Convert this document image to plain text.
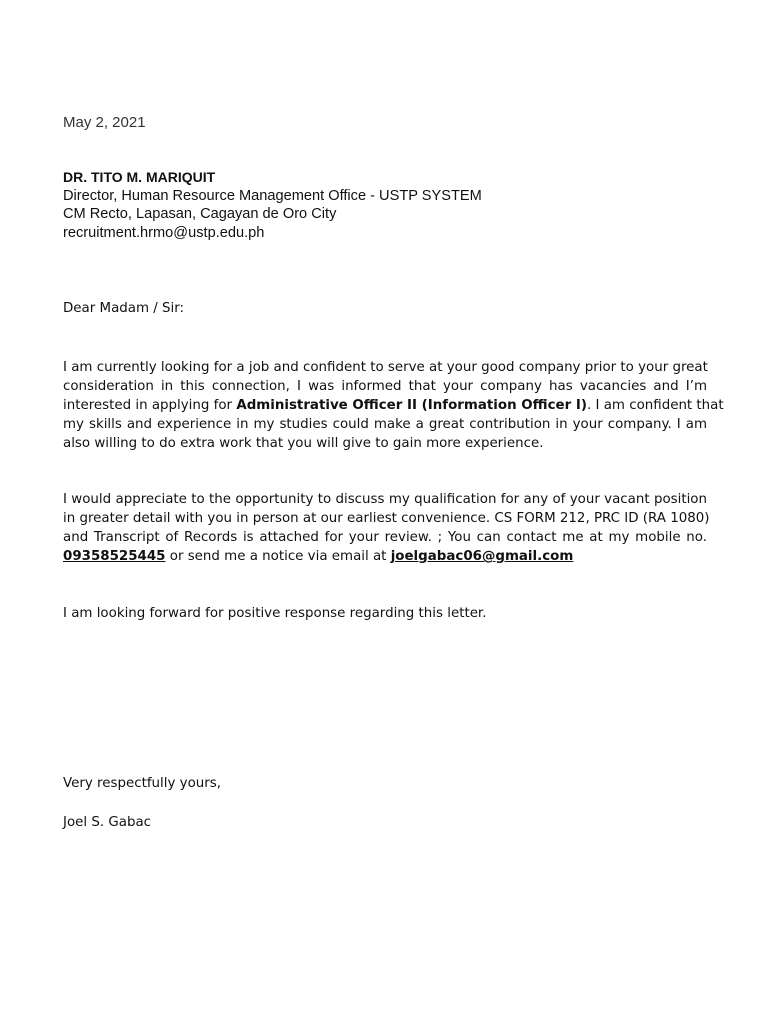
May 2, 2021
DR. TITO M. MARIQUIT
Director, Human Resource Management Office - USTP SYSTEM
CM Recto, Lapasan, Cagayan de Oro City
recruitment.hrmo@ustp.edu.ph
Dear Madam / Sir:
I am currently looking for a job and confident to serve at your good company prior to your great
consideration in this connection, I was informed that your company has vacancies and I’m
interested in applying for Administrative Officer II (Information Officer I). I am confident that
my skills and experience in my studies could make a great contribution in your company. I am
also willing to do extra work that you will give to gain more experience.
I would appreciate to the opportunity to discuss my qualification for any of your vacant position
in greater detail with you in person at our earliest convenience. CS FORM 212, PRC ID (RA 1080)
and Transcript of Records is attached for your review. ; You can contact me at my mobile no.
09358525445 or send me a notice via email at joelgabac06@gmail.com
I am looking forward for positive response regarding this letter.
Very respectfully yours,
Joel S. Gabac
